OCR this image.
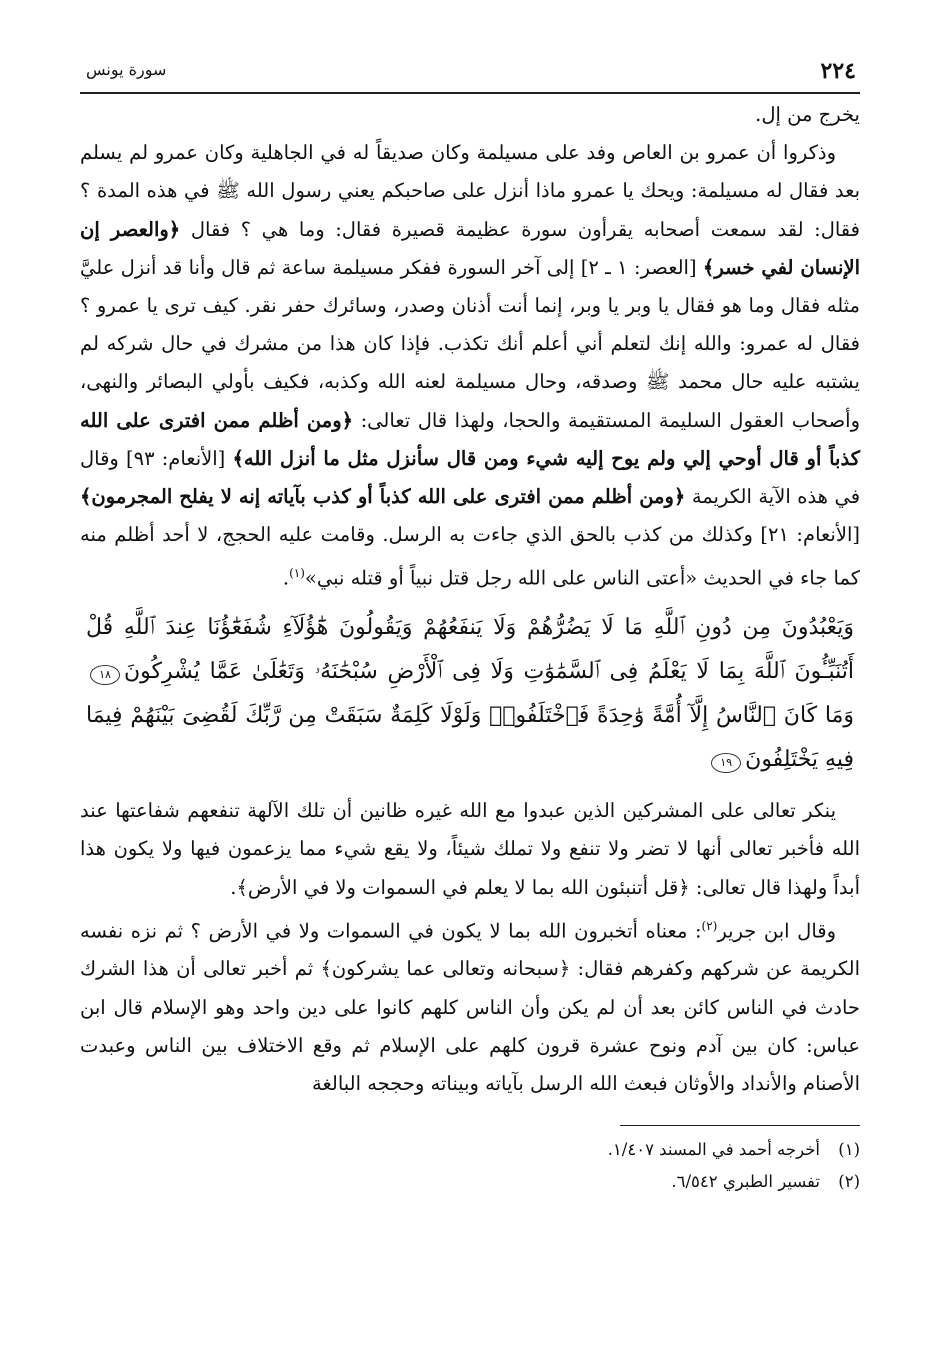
٢٢٤
سورة يونس

يخرج من إل.

وذكروا أن عمرو بن العاص وفد على مسيلمة وكان صديقاً له في الجاهلية وكان عمرو لم يسلم بعد فقال له مسيلمة: ويحك يا عمرو ماذا أنزل على صاحبكم يعني رسول الله ﷺ في هذه المدة ؟ فقال: لقد سمعت أصحابه يقرأون سورة عظيمة قصيرة فقال: وما هي ؟ فقال ﴿والعصر إن الإنسان لفي خسر﴾ [العصر: ١ ـ ٢] إلى آخر السورة ففكر مسيلمة ساعة ثم قال وأنا قد أنزل عليَّ مثله فقال وما هو فقال يا وبر يا وبر، إنما أنت أذنان وصدر، وسائرك حفر نقر. كيف ترى يا عمرو ؟ فقال له عمرو: والله إنك لتعلم أني أعلم أنك تكذب. فإذا كان هذا من مشرك في حال شركه لم يشتبه عليه حال محمد ﷺ وصدقه، وحال مسيلمة لعنه الله وكذبه، فكيف بأولي البصائر والنهى، وأصحاب العقول السليمة المستقيمة والحجا، ولهذا قال تعالى: ﴿ومن أظلم ممن افترى على الله كذباً أو قال أوحي إلي ولم يوح إليه شيء ومن قال سأنزل مثل ما أنزل الله﴾ [الأنعام: ٩٣] وقال في هذه الآية الكريمة ﴿ومن أظلم ممن افترى على الله كذباً أو كذب بآياته إنه لا يفلح المجرمون﴾ [الأنعام: ٢١] وكذلك من كذب بالحق الذي جاءت به الرسل. وقامت عليه الحجج، لا أحد أظلم منه كما جاء في الحديث «أعتى الناس على الله رجل قتل نبياً أو قتله نبي»$^{(١)}$.

وَيَعْبُدُونَ مِن دُونِ ٱللَّهِ مَا لَا يَضُرُّهُمْ وَلَا يَنفَعُهُمْ وَيَقُولُونَ هَٰٓؤُلَآءِ شُفَعَٰٓؤُنَا عِندَ ٱللَّهِ قُلْ أَتُنَبِّـُٔونَ ٱللَّهَ بِمَا لَا يَعْلَمُ فِى ٱلسَّمَٰوَٰتِ وَلَا فِى ٱلْأَرْضِ سُبْحَٰنَهُۥ وَتَعَٰلَىٰ عَمَّا يُشْرِكُونَ١٨ وَمَا كَانَ ٱلنَّاسُ إِلَّآ أُمَّةً وَٰحِدَةً فَٱخْتَلَفُوا۟ وَلَوْلَا كَلِمَةٌ سَبَقَتْ مِن رَّبِّكَ لَقُضِىَ بَيْنَهُمْ فِيمَا فِيهِ يَخْتَلِفُونَ١٩

ينكر تعالى على المشركين الذين عبدوا مع الله غيره ظانين أن تلك الآلهة تنفعهم شفاعتها عند الله فأخبر تعالى أنها لا تضر ولا تنفع ولا تملك شيئاً، ولا يقع شيء مما يزعمون فيها ولا يكون هذا أبداً ولهذا قال تعالى: ﴿قل أتنبئون الله بما لا يعلم في السموات ولا في الأرض﴾.

وقال ابن جرير$^{(٢)}$: معناه أتخبرون الله بما لا يكون في السموات ولا في الأرض ؟ ثم نزه نفسه الكريمة عن شركهم وكفرهم فقال: ﴿سبحانه وتعالى عما يشركون﴾ ثم أخبر تعالى أن هذا الشرك حادث في الناس كائن بعد أن لم يكن وأن الناس كلهم كانوا على دين واحد وهو الإسلام قال ابن عباس: كان بين آدم ونوح عشرة قرون كلهم على الإسلام ثم وقع الاختلاف بين الناس وعبدت الأصنام والأنداد والأوثان فبعث الله الرسل بآياته وبيناته وحججه البالغة

(١)أخرجه أحمد في المسند ١/٤٠٧.

(٢)تفسير الطبري ٦/٥٤٢.
